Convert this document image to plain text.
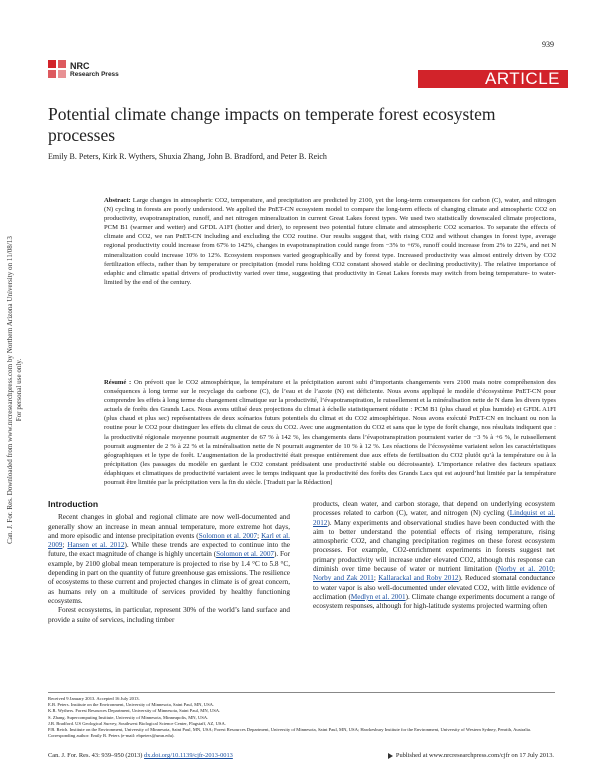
939
NRC
Research Press	ARTICLE
Potential climate change impacts on temperate forest ecosystem processes
Emily B. Peters, Kirk R. Wythers, Shuxia Zhang, John B. Bradford, and Peter B. Reich
Abstract: Large changes in atmospheric CO2, temperature, and precipitation are predicted by 2100, yet the long-term consequences for carbon (C), water, and nitrogen (N) cycling in forests are poorly understood. We applied the PnET-CN ecosystem model to compare the long-term effects of changing climate and atmospheric CO2 on productivity, evapotranspiration, runoff, and net nitrogen mineralization in current Great Lakes forest types. We used two statistically downscaled climate projections, PCM B1 (warmer and wetter) and GFDL A1FI (hotter and drier), to represent two potential future climate and atmospheric CO2 scenarios. To separate the effects of climate and CO2, we ran PnET-CN including and excluding the CO2 routine. Our results suggest that, with rising CO2 and without changes in forest type, average regional productivity could increase from 67% to 142%, changes in evapotranspiration could range from −3% to +6%, runoff could increase from 2% to 22%, and net N mineralization could increase 10% to 12%. Ecosystem responses varied geographically and by forest type. Increased productivity was almost entirely driven by CO2 fertilization effects, rather than by temperature or precipitation (model runs holding CO2 constant showed stable or declining productivity). The relative importance of edaphic and climatic spatial drivers of productivity varied over time, suggesting that productivity in Great Lakes forests may switch from being temperature- to water-limited by the end of the century.
Résumé : On prévoit que le CO2 atmosphérique, la température et la précipitation auront subi d’importants changements vers 2100 mais notre compréhension des conséquences à long terme sur le recyclage du carbone (C), de l’eau et de l’azote (N) est déficiente. Nous avons appliqué le modèle d’écosystème PnET-CN pour comprendre les effets à long terme du changement climatique sur la productivité, l’évapotranspiration, le ruissellement et la minéralisation nette de N dans les divers types actuels de forêts des Grands Lacs. Nous avons utilisé deux projections du climat à échelle statistiquement réduite : PCM B1 (plus chaud et plus humide) et GFDL A1FI (plus chaud et plus sec) représentatives de deux scénarios futurs potentiels du climat et du CO2 atmosphérique. Nous avons exécuté PnET-CN en incluant ou non la routine pour le CO2 pour distinguer les effets du climat de ceux du CO2. Avec une augmentation du CO2 et sans que le type de forêt change, nos résultats indiquent que : la productivité régionale moyenne pourrait augmenter de 67 % à 142 %, les changements dans l’évapotranspiration pourraient varier de −3 % à +6 %, le ruissellement pourrait augmenter de 2 % à 22 % et la minéralisation nette de N pourrait augmenter de 10 % à 12 %. Les réactions de l’écosystème variaient selon les caractéristiques géographiques et le type de forêt. L’augmentation de la productivité était presque entièrement due aux effets de fertilisation du CO2 plutôt qu’à la température ou à la précipitation (les passages du modèle en gardant le CO2 constant prédisaient une productivité stable ou décroissante). L’importance relative des facteurs spatiaux édaphiques et climatiques de productivité variaient avec le temps indiquant que la productivité des forêts des Grands Lacs qui est aujourd’hui limitée par la température pourrait être limitée par la précipitation vers la fin du siècle. [Traduit par la Rédaction]
Introduction

Recent changes in global and regional climate are now well-documented and generally show an increase in mean annual temperature, more extreme hot days, and more episodic and intense precipitation events (Solomon et al. 2007; Karl et al. 2009; Hansen et al. 2012). While these trends are expected to continue into the future, the exact magnitude of change is highly uncertain (Solomon et al. 2007). For example, by 2100 global mean temperature is projected to rise by 1.4 °C to 5.8 °C, depending in part on the quantity of future greenhouse gas emissions. The resilience of ecosystems to these current and projected changes in climate is of great concern, as humans rely on a multitude of services provided by healthy functioning ecosystems.

Forest ecosystems, in particular, represent 30% of the world’s land surface and provide a suite of services, including timber

products, clean water, and carbon storage, that depend on underlying ecosystem processes related to carbon (C), water, and nitrogen (N) cycling (Lindquist et al. 2012). Many experiments and observational studies have been conducted with the aim to better understand the potential effects of rising temperature, rising atmospheric CO2, and changing precipitation regimes on these forest ecosystem processes. For example, CO2-enrichment experiments in forests suggest net primary productivity will increase under elevated CO2, although this response can diminish over time because of water or nutrient limitation (Norby et al. 2010; Norby and Zak 2011; Kallarackal and Roby 2012). Reduced stomatal conductance to water vapor is also well-documented under elevated CO2, with little evidence of acclimation (Medlyn et al. 2001). Climate change experiments document a range of ecosystem responses, although for high-latitude systems projected warming often

Received 9 January 2013. Accepted 16 July 2013.
E.B. Peters. Institute on the Environment, University of Minnesota, Saint Paul, MN, USA.
K.R. Wythers. Forest Resources Department, University of Minnesota, Saint Paul, MN, USA.
S. Zhang. Supercomputing Institute, University of Minnesota, Minneapolis, MN, USA.
J.B. Bradford. US Geological Survey, Southwest Biological Science Center, Flagstaff, AZ, USA.
P.B. Reich. Institute on the Environment, University of Minnesota, Saint Paul, MN, USA; Forest Resources Department, University of Minnesota, Saint Paul, MN, USA; Hawkesbury Institute for the Environment, University of Western Sydney, Penrith, Australia.
Corresponding author: Emily B. Peters (e-mail: ebpeters@umn.edu).
Can. J. For. Res. 43: 939–950 (2013) dx.doi.org/10.1139/cjfr-2013-0013	Published at www.nrcresearchpress.com/cjfr on 17 July 2013.
Can. J. For. Res. Downloaded from www.nrcresearchpress.com by Northern Arizona University on 11/08/13 For personal use only.
